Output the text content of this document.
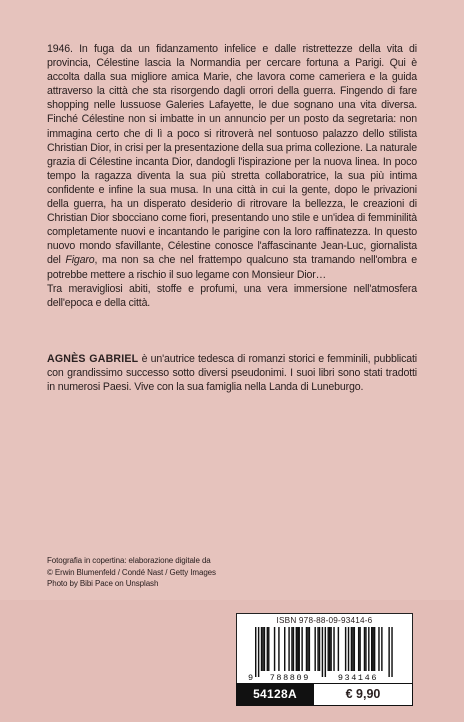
1946. In fuga da un fidanzamento infelice e dalle ristrettezze della vita di provincia, Célestine lascia la Normandia per cercare fortuna a Parigi. Qui è accolta dalla sua migliore amica Marie, che lavora come cameriera e la guida attraverso la città che sta risorgendo dagli orrori della guerra. Fingendo di fare shopping nelle lussuose Galeries Lafayette, le due sognano una vita diversa. Finché Célestine non si imbatte in un annuncio per un posto da segretaria: non immagina certo che di lì a poco si ritroverà nel sontuoso palazzo dello stilista Christian Dior, in crisi per la presentazione della sua prima collezione. La naturale grazia di Célestine incanta Dior, dandogli l'ispirazione per la nuova linea. In poco tempo la ragazza diventa la sua più stretta collaboratrice, la sua più intima confidente e infine la sua musa. In una città in cui la gente, dopo le privazioni della guerra, ha un disperato desiderio di ritrovare la bellezza, le creazioni di Christian Dior sbocciano come fiori, presentando uno stile e un'idea di femminilità completamente nuovi e incantando le parigine con la loro raffinatezza. In questo nuovo mondo sfavillante, Célestine conosce l'affascinante Jean-Luc, giornalista del Figaro, ma non sa che nel frattempo qualcuno sta tramando nell'ombra e potrebbe mettere a rischio il suo legame con Monsieur Dior…

Tra meravigliosi abiti, stoffe e profumi, una vera immersione nell'atmosfera dell'epoca e della città.

AGNÈS GABRIEL è un'autrice tedesca di romanzi storici e femminili, pubblicati con grandissimo successo sotto diversi pseudonimi. I suoi libri sono stati tradotti in numerosi Paesi. Vive con la sua famiglia nella Landa di Luneburgo.

Fotografia in copertina: elaborazione digitale da
© Erwin Blumenfeld / Condé Nast / Getty Images
Photo by Bibi Pace on Unsplash
ISBN 978-88-09-93414-6
9 788809	934146
54128A	€ 9,90
